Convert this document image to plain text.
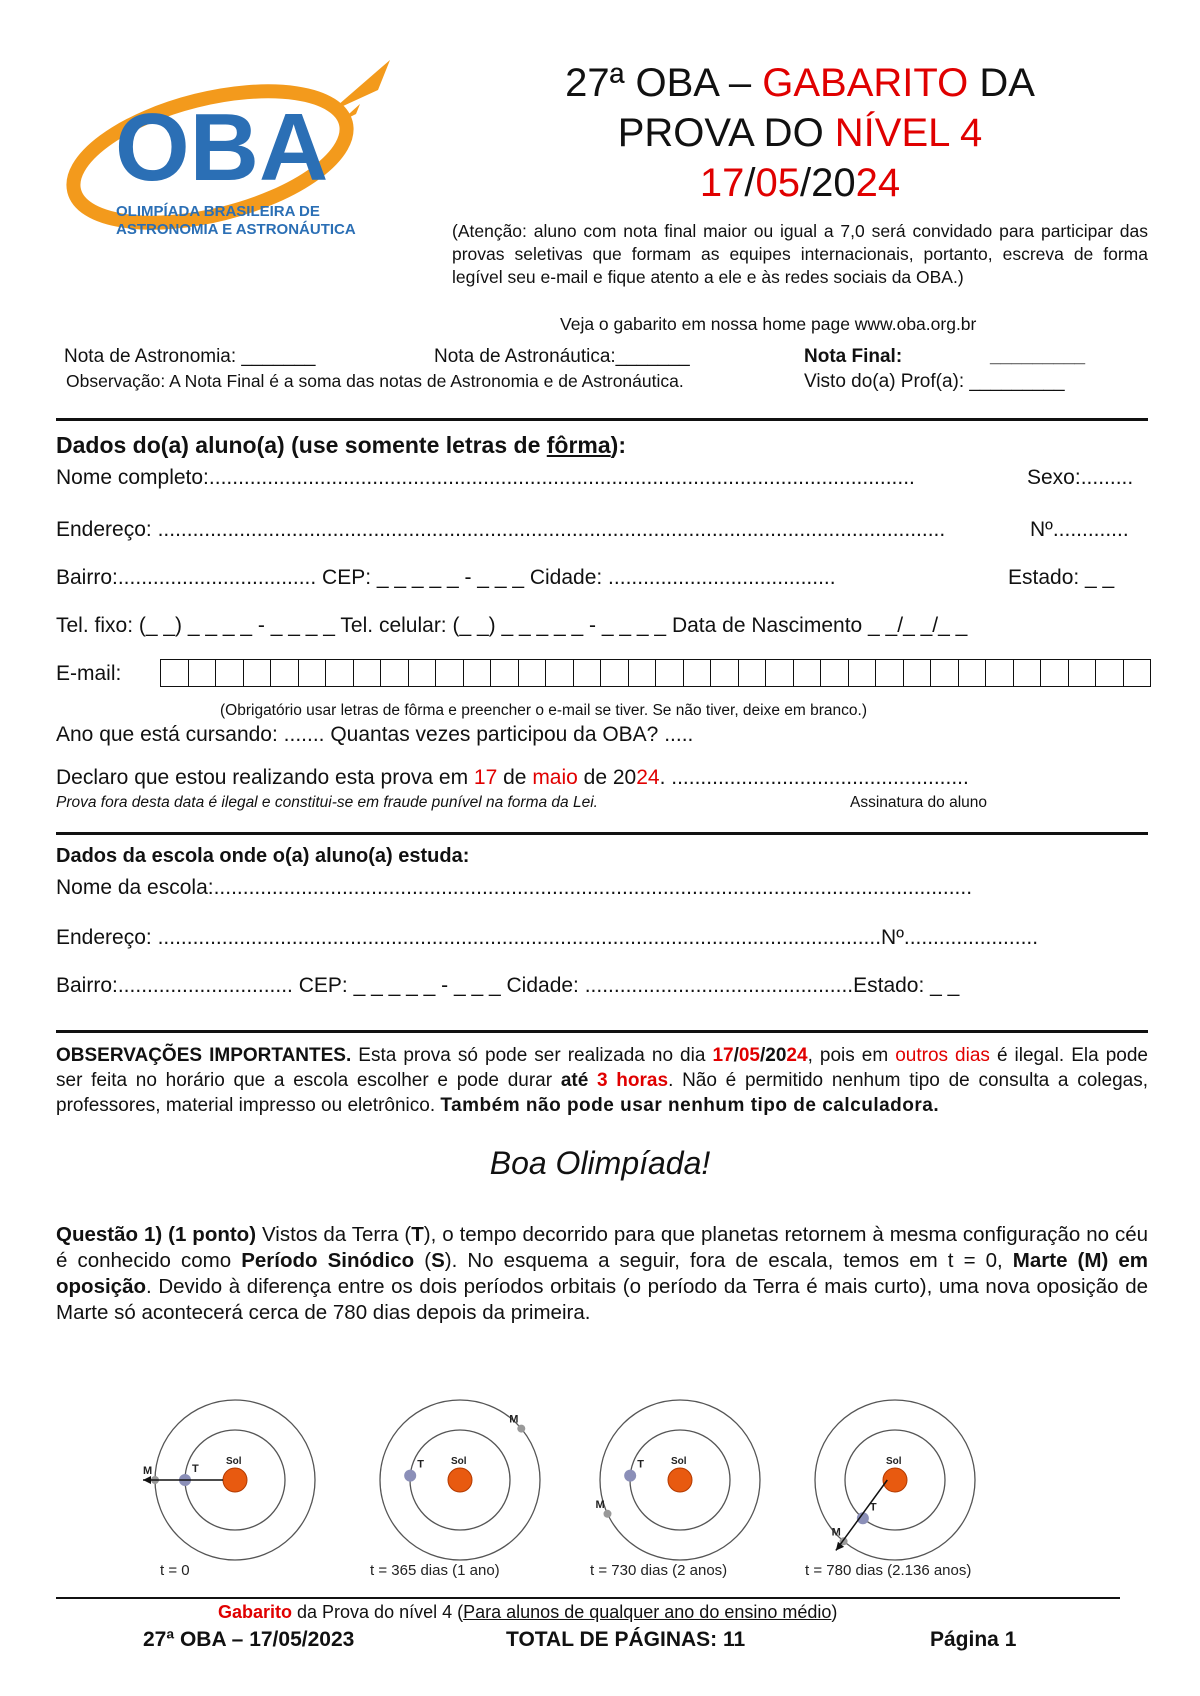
OBA
OLIMPÍADA BRASILEIRA DE
ASTRONOMIA E ASTRONÁUTICA
27ª OBA – GABARITO DA
PROVA DO NÍVEL 4
17/05/2024
(Atenção: aluno com nota final maior ou igual a 7,0 será convidado para participar das provas seletivas que formam as equipes internacionais, portanto, escreva de forma legível seu e-mail e fique atento a ele e às redes sociais da OBA.)
Veja o gabarito em nossa home page www.oba.org.br
Nota de Astronomia: _______	Nota de Astronáutica:_______	Nota Final:	_________
Observação: A Nota Final é a soma das notas de Astronomia e de Astronáutica.	Visto do(a) Prof(a): _________
Dados do(a) aluno(a) (use somente letras de fôrma):
Nome completo:.........................................................................................................................	Sexo:.........
Endereço: .......................................................................................................................................	Nº.............
Bairro:.................................. CEP: _ _ _ _ _ - _ _ _ Cidade: .......................................	Estado: _ _
Tel. fixo: (_ _) _ _ _ _ - _ _ _ _ Tel. celular: (_ _) _ _ _ _ _ - _ _ _ _ Data de Nascimento _ _/_ _/_ _
E-mail:
(Obrigatório usar letras de fôrma e preencher o e-mail se tiver. Se não tiver, deixe em branco.)
Ano que está cursando: ....... Quantas vezes participou da OBA? .....
Declaro que estou realizando esta prova em 17 de maio de 2024. ...................................................
Prova fora desta data é ilegal e constitui-se em fraude punível na forma da Lei.	Assinatura do aluno
Dados da escola onde o(a) aluno(a) estuda:
Nome da escola:..................................................................................................................................
Endereço: ............................................................................................................................Nº.......................
Bairro:.............................. CEP: _ _ _ _ _ - _ _ _ Cidade: ..............................................Estado: _ _
OBSERVAÇÕES IMPORTANTES. Esta prova só pode ser realizada no dia 17/05/2024, pois em outros dias é ilegal. Ela pode ser feita no horário que a escola escolher e pode durar até 3 horas. Não é permitido nenhum tipo de consulta a colegas, professores, material impresso ou eletrônico. Também não pode usar nenhum tipo de calculadora.
Boa Olimpíada!
Questão 1) (1 ponto) Vistos da Terra (T), o tempo decorrido para que planetas retornem à mesma configuração no céu é conhecido como Período Sinódico (S). No esquema a seguir, fora de escala, temos em t = 0, Marte (M) em oposição. Devido à diferença entre os dois períodos orbitais (o período da Terra é mais curto), uma nova oposição de Marte só acontecerá cerca de 780 dias depois da primeira.
Sol
T
M
t = 0
Sol
T
M
t = 365 dias (1 ano)
Sol
T
M
t = 730 dias (2 anos)
Sol
T
M
t = 780 dias (2.136 anos)
Gabarito da Prova do nível 4 (Para alunos de qualquer ano do ensino médio)
27ª OBA – 17/05/2023	TOTAL DE PÁGINAS: 11	Página 1
